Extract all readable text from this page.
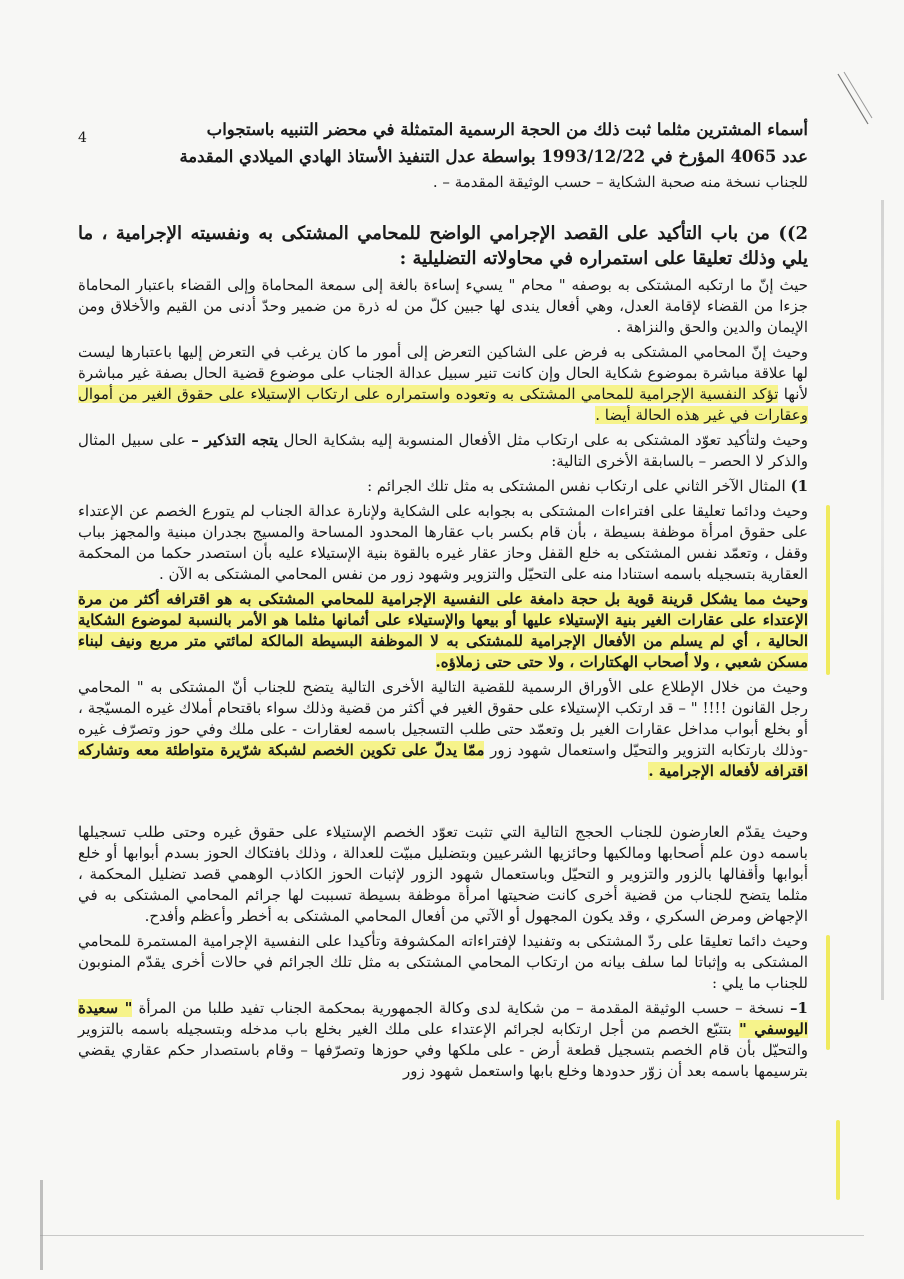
4	أسماء المشترين مثلما ثبت ذلك من الحجة الرسمية المتمثلة في محضر التنبيه باستجواب

عدد 4065 المؤرخ في 1993/12/22 بواسطة عدل التنفيذ الأستاذ الهادي الميلادي المقدمة

للجناب نسخة منه صحبة الشكاية – حسب الوثيقة المقدمة – .

2)) من باب التأكيد على القصد الإجرامي الواضح للمحامي المشتكى به ونفسيته الإجرامية ، ما يلي وذلك تعليقا على استمراره في محاولاته التضليلية :

حيث إنّ ما ارتكبه المشتكى به بوصفه " محام " يسيء إساءة بالغة إلى سمعة المحاماة وإلى القضاء باعتبار المحاماة جزءا من القضاء لإقامة العدل، وهي أفعال يندى لها جبين كلّ من له ذرة من ضمير وحدّ أدنى من القيم والأخلاق ومن الإيمان والدين والحق والنزاهة .

وحيث إنّ المحامي المشتكى به فرض على الشاكين التعرض إلى أمور ما كان يرغب في التعرض إليها باعتبارها ليست لها علاقة مباشرة بموضوع شكاية الحال وإن كانت تنير سبيل عدالة الجناب على موضوع قضية الحال بصفة غير مباشرة لأنها تؤكد النفسية الإجرامية للمحامي المشتكى به وتعوده واستمراره على ارتكاب الإستيلاء على حقوق الغير من أموال وعقارات في غير هذه الحالة أيضا .

وحيث ولتأكيد تعوّد المشتكى به على ارتكاب مثل الأفعال المنسوبة إليه بشكاية الحال يتجه التذكير – على سبيل المثال والذكر لا الحصر – بالسابقة الأخرى التالية:

1) المثال الآخر الثاني على ارتكاب نفس المشتكى به مثل تلك الجرائم :

وحيث ودائما تعليقا على افتراءات المشتكى به بجوابه على الشكاية ولإنارة عدالة الجناب لم يتورع الخصم عن الإعتداء على حقوق امرأة موظفة بسيطة ، بأن قام بكسر باب عقارها المحدود المساحة والمسيج بجدران مبنية والمجهز بباب وقفل ، وتعمّد نفس المشتكى به خلع القفل وحاز عقار غيره بالقوة بنية الإستيلاء عليه بأن استصدر حكما من المحكمة العقارية بتسجيله باسمه استنادا منه على التحيّل والتزوير وشهود زور من نفس المحامي المشتكى به الآن .

وحيث مما يشكل قرينة قوية بل حجة دامغة على النفسية الإجرامية للمحامي المشتكى به هو اقترافه أكثر من مرة الإعتداء على عقارات الغير بنية الإستيلاء عليها أو بيعها والإستيلاء على أثمانها مثلما هو الأمر بالنسبة لموضوع الشكاية الحالية ، أي لم يسلم من الأفعال الإجرامية للمشتكى به لا الموظفة البسيطة المالكة لمائتي متر مربع ونيف لبناء مسكن شعبي ، ولا أصحاب الهكتارات ، ولا حتى حتى زملاؤه.

وحيث من خلال الإطلاع على الأوراق الرسمية للقضية التالية الأخرى التالية يتضح للجناب أنّ المشتكى به " المحامي رجل القانون !!!! " – قد ارتكب الإستيلاء على حقوق الغير في أكثر من قضية وذلك سواء باقتحام أملاك غيره المسيّجة ، أو بخلع أبواب مداخل عقارات الغير بل وتعمّد حتى طلب التسجيل باسمه لعقارات - على ملك وفي حوز وتصرّف غيره -وذلك بارتكابه التزوير والتحيّل واستعمال شهود زور ممّا يدلّ على تكوين الخصم لشبكة شرّيرة متواطئة معه وتشاركه اقترافه لأفعاله الإجرامية .

وحيث يقدّم العارضون للجناب الحجج التالية التي تثبت تعوّد الخصم الإستيلاء على حقوق غيره وحتى طلب تسجيلها باسمه دون علم أصحابها ومالكيها وحائزيها الشرعيين وبتضليل مبيّت للعدالة ، وذلك بافتكاك الحوز بسدم أبوابها أو خلع أبوابها وأقفالها بالزور والتزوير و التحيّل وباستعمال شهود الزور لإثبات الحوز الكاذب الوهمي قصد تضليل المحكمة ، مثلما يتضح للجناب من قضية أخرى كانت ضحيتها امرأة موظفة بسيطة تسببت لها جرائم المحامي المشتكى به في الإجهاض ومرض السكري ، وقد يكون المجهول أو الآتي من أفعال المحامي المشتكى به أخطر وأعظم وأفدح.

وحيث دائما تعليقا على ردّ المشتكى به وتفنيدا لإفتراءاته المكشوفة وتأكيدا على النفسية الإجرامية المستمرة للمحامي المشتكى به وإثباتا لما سلف بيانه من ارتكاب المحامي المشتكى به مثل تلك الجرائم في حالات أخرى يقدّم المنوبون للجناب ما يلي :

1– نسخة – حسب الوثيقة المقدمة – من شكاية لدى وكالة الجمهورية بمحكمة الجناب تفيد طلبا من المرأة " سعيدة اليوسفي " بتتبّع الخصم من أجل ارتكابه لجرائم الإعتداء على ملك الغير بخلع باب مدخله وبتسجيله باسمه بالتزوير والتحيّل بأن قام الخصم بتسجيل قطعة أرض - على ملكها وفي حوزها وتصرّفها – وقام باستصدار حكم عقاري يقضي بترسيمها باسمه بعد أن زوّر حدودها وخلع بابها واستعمل شهود زور
